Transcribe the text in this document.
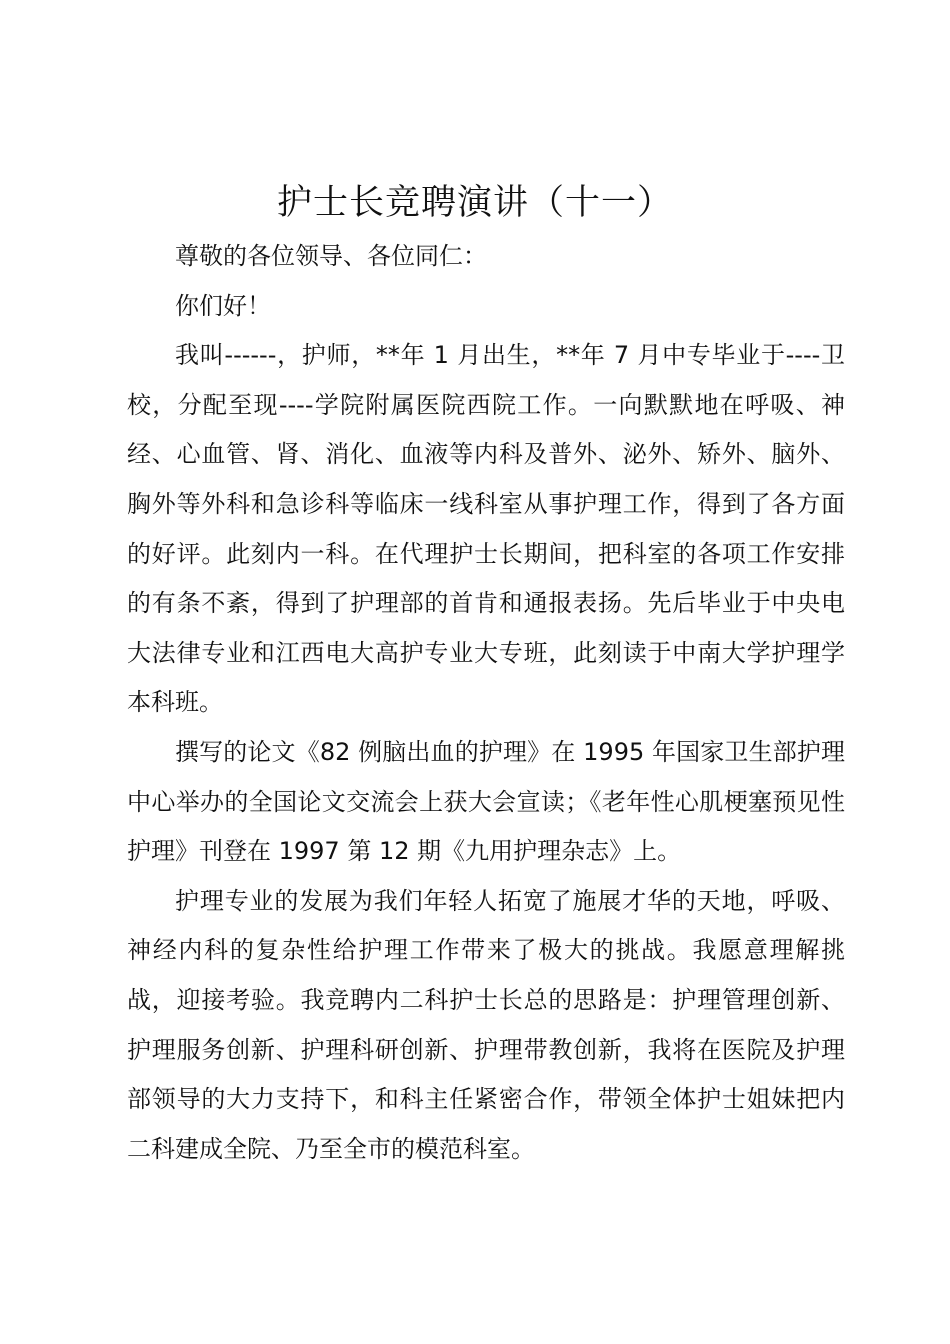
护士长竞聘演讲（十一）

尊敬的各位领导、各位同仁：

你们好！

我叫------，护师，**年 1 月出生，**年 7 月中专毕业于----卫校，分配至现----学院附属医院西院工作。一向默默地在呼吸、神经、心血管、肾、消化、血液等内科及普外、泌外、矫外、脑外、胸外等外科和急诊科等临床一线科室从事护理工作，得到了各方面的好评。此刻内一科。在代理护士长期间，把科室的各项工作安排的有条不紊，得到了护理部的首肯和通报表扬。先后毕业于中央电大法律专业和江西电大高护专业大专班，此刻读于中南大学护理学本科班。

撰写的论文《82 例脑出血的护理》在 1995 年国家卫生部护理中心举办的全国论文交流会上获大会宣读；《老年性心肌梗塞预见性护理》刊登在 1997 第 12 期《九用护理杂志》上。

护理专业的发展为我们年轻人拓宽了施展才华的天地，呼吸、神经内科的复杂性给护理工作带来了极大的挑战。我愿意理解挑战，迎接考验。我竞聘内二科护士长总的思路是：护理管理创新、护理服务创新、护理科研创新、护理带教创新，我将在医院及护理部领导的大力支持下，和科主任紧密合作，带领全体护士姐妹把内二科建成全院、乃至全市的模范科室。
